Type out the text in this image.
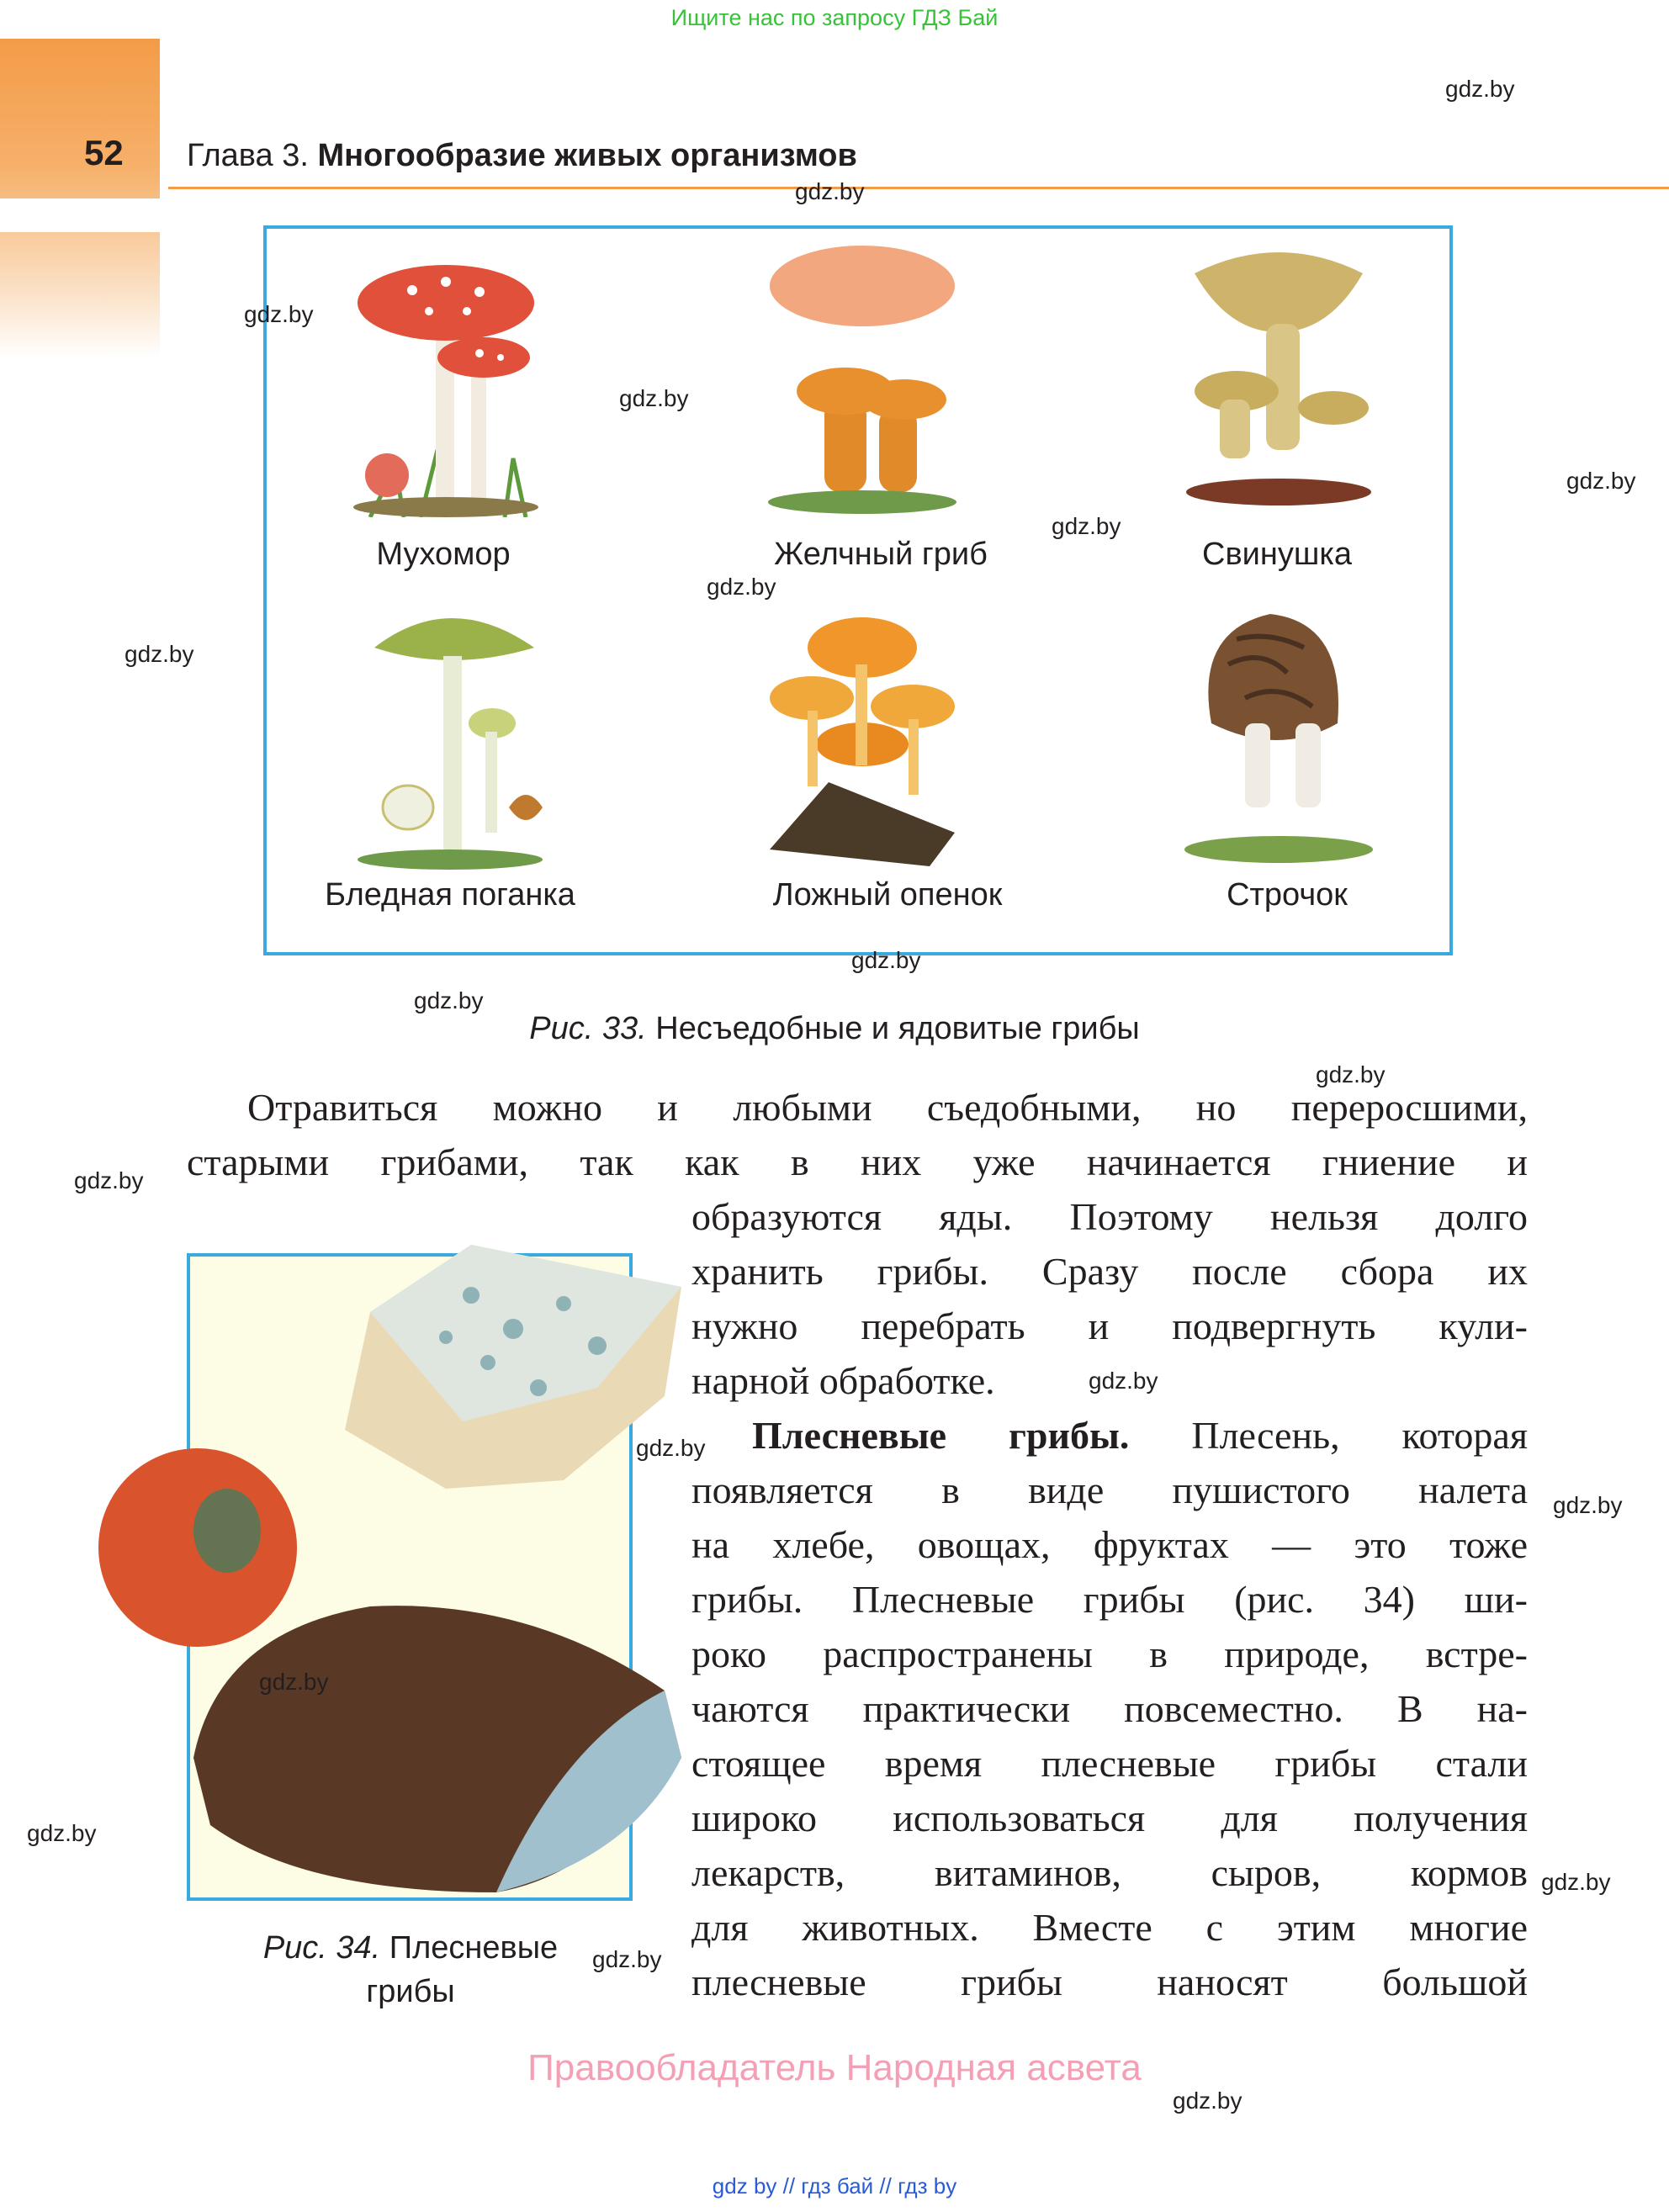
Ищите нас по запросу ГДЗ Бай
52 Глава 3. Многообразие живых организмов
Мухомор	Желчный гриб	Свинушка
Бледная поганка	Ложный опенок	Строчок
Рис. 33. Несъедобные и ядовитые грибы
Отравиться можно и любыми съедобными, но переросшими,
старыми грибами, так как в них уже начинается гниение и
образуются яды. Поэтому нельзя долго
хранить грибы. Сразу после сбора их
нужно перебрать и подвергнуть кули-
нарной обработке.
Плесневые грибы. Плесень, которая
появляется в виде пушистого налета
на хлебе, овощах, фруктах — это тоже
грибы. Плесневые грибы (рис. 34) ши-
роко распространены в природе, встре-
чаются практически повсеместно. В на-
стоящее время плесневые грибы стали
широко использоваться для получения
лекарств, витаминов, сыров, кормов
для животных. Вместе с этим многие
плесневые грибы наносят большой
Рис. 34. Плесневые
грибы
Правообладатель Народная асвета
gdz by // гдз бай // гдз by
gdz.by
gdz.by
gdz.by
gdz.by
gdz.by
gdz.by
gdz.by
gdz.by
gdz.by
gdz.by
gdz.by
gdz.by
gdz.by
gdz.by
gdz.by
gdz.by
gdz.by
gdz.by
gdz.by
gdz.by
